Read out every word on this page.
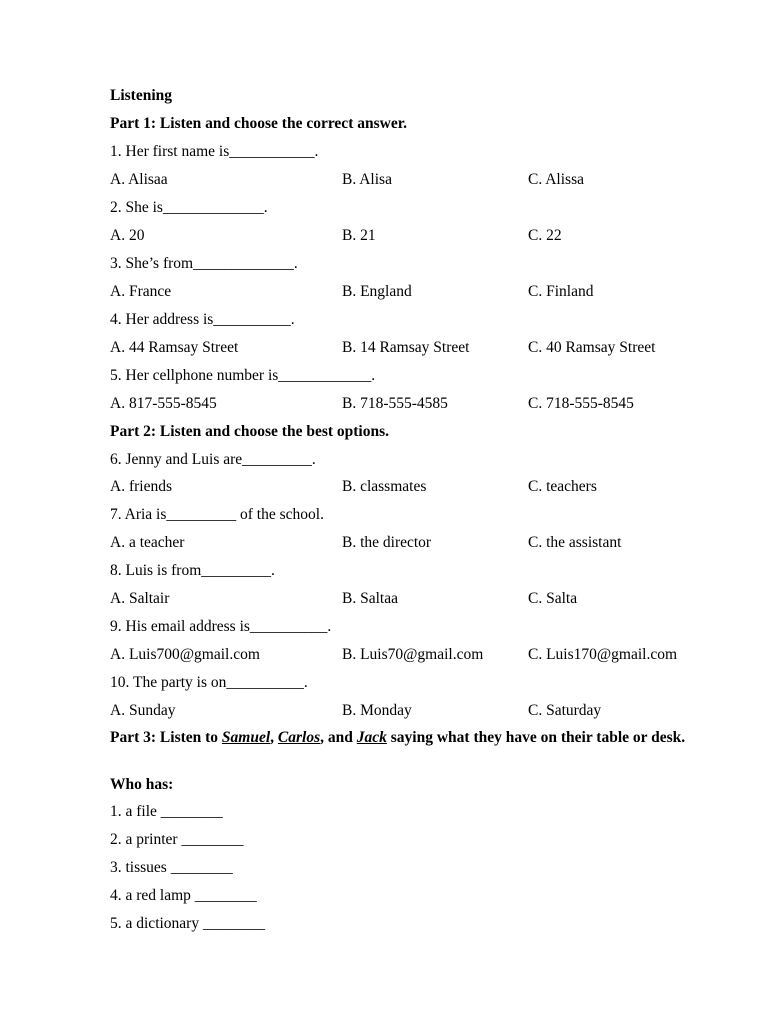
Listening
Part 1: Listen and choose the correct answer.
1. Her first name is___________.
A. Alisaa	B. Alisa	C. Alissa
2. She is_____________.
A. 20	B. 21	C. 22
3. She’s from_____________.
A. France	B. England	C. Finland
4. Her address is__________.
A. 44 Ramsay Street	B. 14 Ramsay Street	C. 40 Ramsay Street
5. Her cellphone number is____________.
A. 817-555-8545	B. 718-555-4585	C. 718-555-8545
Part 2: Listen and choose the best options.
6. Jenny and Luis are_________.
A. friends	B. classmates	C. teachers
7. Aria is_________ of the school.
A. a teacher	B. the director	C. the assistant
8. Luis is from_________.
A. Saltair	B. Saltaa	C. Salta
9. His email address is__________.
A. Luis700@gmail.com	B. Luis70@gmail.com	C. Luis170@gmail.com
10. The party is on__________.
A. Sunday	B. Monday	C. Saturday
Part 3: Listen to Samuel, Carlos, and Jack saying what they have on their table or desk.
Who has:
1. a file ________
2. a printer ________
3. tissues ________
4. a red lamp ________
5. a dictionary ________
